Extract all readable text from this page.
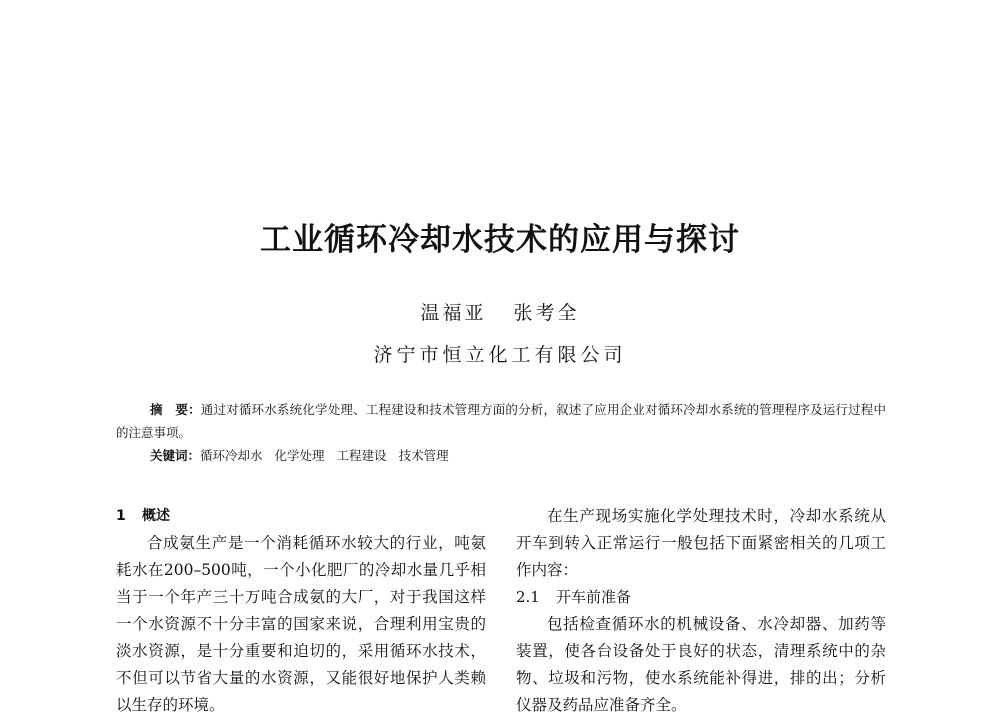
工业循环冷却水技术的应用与探讨
温福亚 张考全
济宁市恒立化工有限公司
摘　要：通过对循环水系统化学处理、工程建设和技术管理方面的分析，叙述了应用企业对循环冷却水系统的管理程序及运行过程中的注意事项。
关键词：循环冷却水 化学处理 工程建设 技术管理
1 概述

合成氨生产是一个消耗循环水较大的行业，吨氨耗水在200–500吨，一个小化肥厂的冷却水量几乎相当于一个年产三十万吨合成氨的大厂，对于我国这样一个水资源不十分丰富的国家来说，合理利用宝贵的淡水资源，是十分重要和迫切的，采用循环水技术，不但可以节省大量的水资源，又能很好地保护人类赖以生存的环境。

在生产现场实施化学处理技术时，冷却水系统从开车到转入正常运行一般包括下面紧密相关的几项工作内容：

2.1 开车前准备

包括检查循环水的机械设备、水冷却器、加药等装置，使各台设备处于良好的状态，清理系统中的杂物、垃圾和污物，使水系统能补得进，排的出；分析仪器及药品应准备齐全。
